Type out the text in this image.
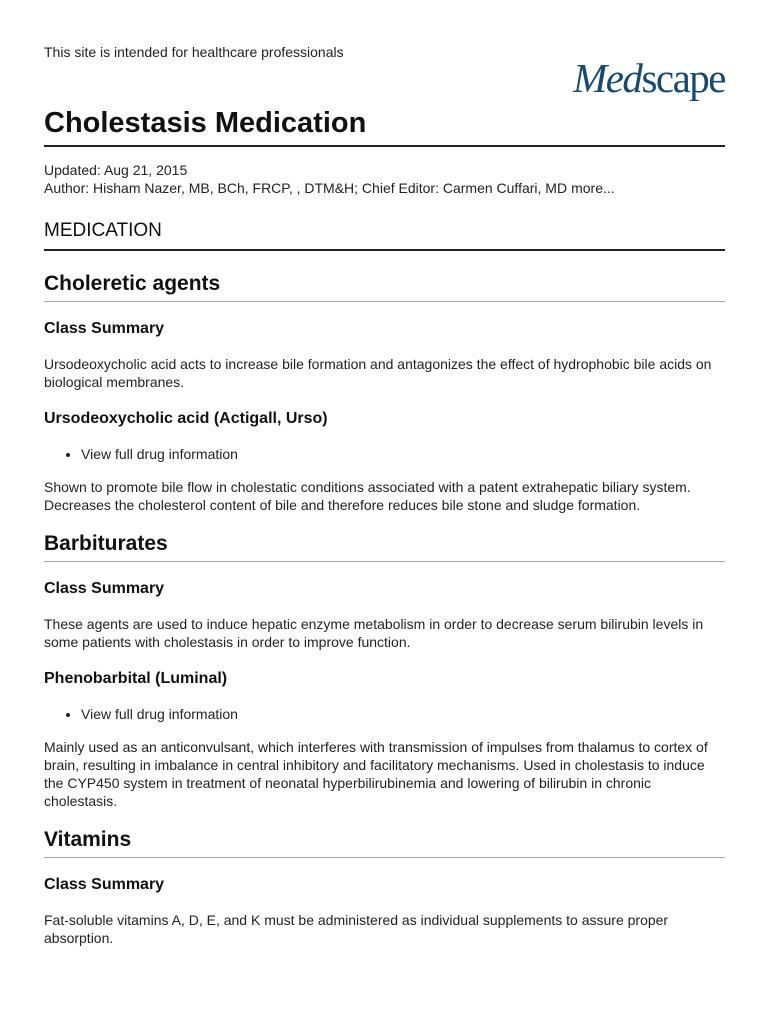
This site is intended for healthcare professionals

Medscape
Cholestasis Medication

Updated: Aug 21, 2015

Author: Hisham Nazer, MB, BCh, FRCP, , DTM&H; Chief Editor: Carmen Cuffari, MD more...

MEDICATION
Choleretic agents
Class Summary

Ursodeoxycholic acid acts to increase bile formation and antagonizes the effect of hydrophobic bile acids on biological membranes.

Ursodeoxycholic acid (Actigall, Urso)
• View full drug information

Shown to promote bile flow in cholestatic conditions associated with a patent extrahepatic biliary system. Decreases the cholesterol content of bile and therefore reduces bile stone and sludge formation.

Barbiturates
Class Summary

These agents are used to induce hepatic enzyme metabolism in order to decrease serum bilirubin levels in some patients with cholestasis in order to improve function.

Phenobarbital (Luminal)
• View full drug information

Mainly used as an anticonvulsant, which interferes with transmission of impulses from thalamus to cortex of brain, resulting in imbalance in central inhibitory and facilitatory mechanisms. Used in cholestasis to induce the CYP450 system in treatment of neonatal hyperbilirubinemia and lowering of bilirubin in chronic cholestasis.

Vitamins
Class Summary

Fat-soluble vitamins A, D, E, and K must be administered as individual supplements to assure proper absorption.
